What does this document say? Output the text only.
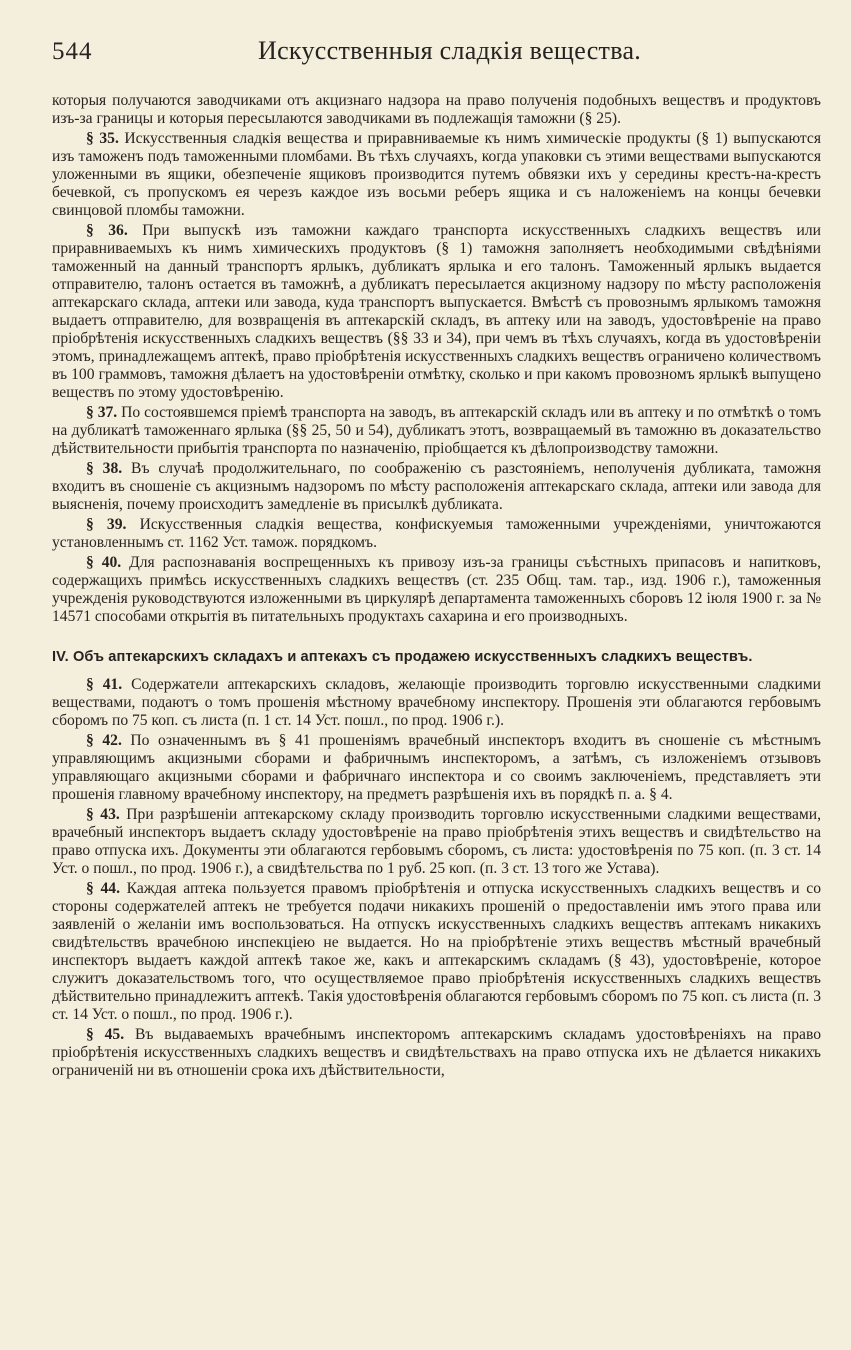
544	Искусственныя сладкія вещества.

которыя получаются заводчиками отъ акцизнаго надзора на право полученія подобныхъ веществъ и продуктовъ изъ-за границы и которыя пересылаются заводчиками въ подлежащія таможни (§ 25).

§ 35. Искусственныя сладкія вещества и приравниваемые къ нимъ химическіе продукты (§ 1) выпускаются изъ таможенъ подъ таможенными пломбами. Въ тѣхъ случаяхъ, когда упаковки съ этими веществами выпускаются уложенными въ ящики, обезпеченіе ящиковъ производится путемъ обвязки ихъ у середины крестъ-на-крестъ бечевкой, съ пропускомъ ея черезъ каждое изъ восьми реберъ ящика и съ наложеніемъ на концы бечевки свинцовой пломбы таможни.

§ 36. При выпускѣ изъ таможни каждаго транспорта искусственныхъ сладкихъ веществъ или приравниваемыхъ къ нимъ химическихъ продуктовъ (§ 1) таможня заполняетъ необходимыми свѣдѣніями таможенный на данный транспортъ ярлыкъ, дубликатъ ярлыка и его талонъ. Таможенный ярлыкъ выдается отправителю, талонъ остается въ таможнѣ, а дубликатъ пересылается акцизному надзору по мѣсту расположенія аптекарскаго склада, аптеки или завода, куда транспортъ выпускается. Вмѣстѣ съ провознымъ ярлыкомъ таможня выдаетъ отправителю, для возвращенія въ аптекарскій складъ, въ аптеку или на заводъ, удостовѣреніе на право пріобрѣтенія искусственныхъ сладкихъ веществъ (§§ 33 и 34), при чемъ въ тѣхъ случаяхъ, когда въ удостовѣреніи этомъ, принадлежащемъ аптекѣ, право пріобрѣтенія искусственныхъ сладкихъ веществъ ограничено количествомъ въ 100 граммовъ, таможня дѣлаетъ на удостовѣреніи отмѣтку, сколько и при какомъ провозномъ ярлыкѣ выпущено веществъ по этому удостовѣренію.

§ 37. По состоявшемся пріемѣ транспорта на заводъ, въ аптекарскій складъ или въ аптеку и по отмѣткѣ о томъ на дубликатѣ таможеннаго ярлыка (§§ 25, 50 и 54), дубликатъ этотъ, возвращаемый въ таможню въ доказательство дѣйствительности прибытія транспорта по назначенію, пріобщается къ дѣлопроизводству таможни.

§ 38. Въ случаѣ продолжительнаго, по соображенію съ разстояніемъ, неполученія дубликата, таможня входитъ въ сношеніе съ акцизнымъ надзоромъ по мѣсту расположенія аптекарскаго склада, аптеки или завода для выясненія, почему происходитъ замедленіе въ присылкѣ дубликата.

§ 39. Искусственныя сладкія вещества, конфискуемыя таможенными учрежденіями, уничтожаются установленнымъ ст. 1162 Уст. тамож. порядкомъ.

§ 40. Для распознаванія воспрещенныхъ къ привозу изъ-за границы съѣстныхъ припасовъ и напитковъ, содержащихъ примѣсь искусственныхъ сладкихъ веществъ (ст. 235 Общ. там. тар., изд. 1906 г.), таможенныя учрежденія руководствуются изложенными въ циркулярѣ департамента таможенныхъ сборовъ 12 іюля 1900 г. за № 14571 способами открытія въ питательныхъ продуктахъ сахарина и его производныхъ.

IV. Объ аптекарскихъ складахъ и аптекахъ съ продажею искусственныхъ сладкихъ веществъ.

§ 41. Содержатели аптекарскихъ складовъ, желающіе производить торговлю искусственными сладкими веществами, подаютъ о томъ прошенія мѣстному врачебному инспектору. Прошенія эти облагаются гербовымъ сборомъ по 75 коп. съ листа (п. 1 ст. 14 Уст. пошл., по прод. 1906 г.).

§ 42. По означеннымъ въ § 41 прошеніямъ врачебный инспекторъ входитъ въ сношеніе съ мѣстнымъ управляющимъ акцизными сборами и фабричнымъ инспекторомъ, а затѣмъ, съ изложеніемъ отзывовъ управляющаго акцизными сборами и фабричнаго инспектора и со своимъ заключеніемъ, представляетъ эти прошенія главному врачебному инспектору, на предметъ разрѣшенія ихъ въ порядкѣ п. а. § 4.

§ 43. При разрѣшеніи аптекарскому складу производить торговлю искусственными сладкими веществами, врачебный инспекторъ выдаетъ складу удостовѣреніе на право пріобрѣтенія этихъ веществъ и свидѣтельство на право отпуска ихъ. Документы эти облагаются гербовымъ сборомъ, съ листа: удостовѣренія по 75 коп. (п. 3 ст. 14 Уст. о пошл., по прод. 1906 г.), а свидѣтельства по 1 руб. 25 коп. (п. 3 ст. 13 того же Устава).

§ 44. Каждая аптека пользуется правомъ пріобрѣтенія и отпуска искусственныхъ сладкихъ веществъ и со стороны содержателей аптекъ не требуется подачи никакихъ прошеній о предоставленіи имъ этого права или заявленій о желаніи имъ воспользоваться. На отпускъ искусственныхъ сладкихъ веществъ аптекамъ никакихъ свидѣтельствъ врачебною инспекціею не выдается. Но на пріобрѣтеніе этихъ веществъ мѣстный врачебный инспекторъ выдаетъ каждой аптекѣ такое же, какъ и аптекарскимъ складамъ (§ 43), удостовѣреніе, которое служитъ доказательствомъ того, что осуществляемое право пріобрѣтенія искусственныхъ сладкихъ веществъ дѣйствительно принадлежитъ аптекѣ. Такія удостовѣренія облагаются гербовымъ сборомъ по 75 коп. съ листа (п. 3 ст. 14 Уст. о пошл., по прод. 1906 г.).

§ 45. Въ выдаваемыхъ врачебнымъ инспекторомъ аптекарскимъ складамъ удостовѣреніяхъ на право пріобрѣтенія искусственныхъ сладкихъ веществъ и свидѣтельствахъ на право отпуска ихъ не дѣлается никакихъ ограниченій ни въ отношеніи срока ихъ дѣйствительности,
